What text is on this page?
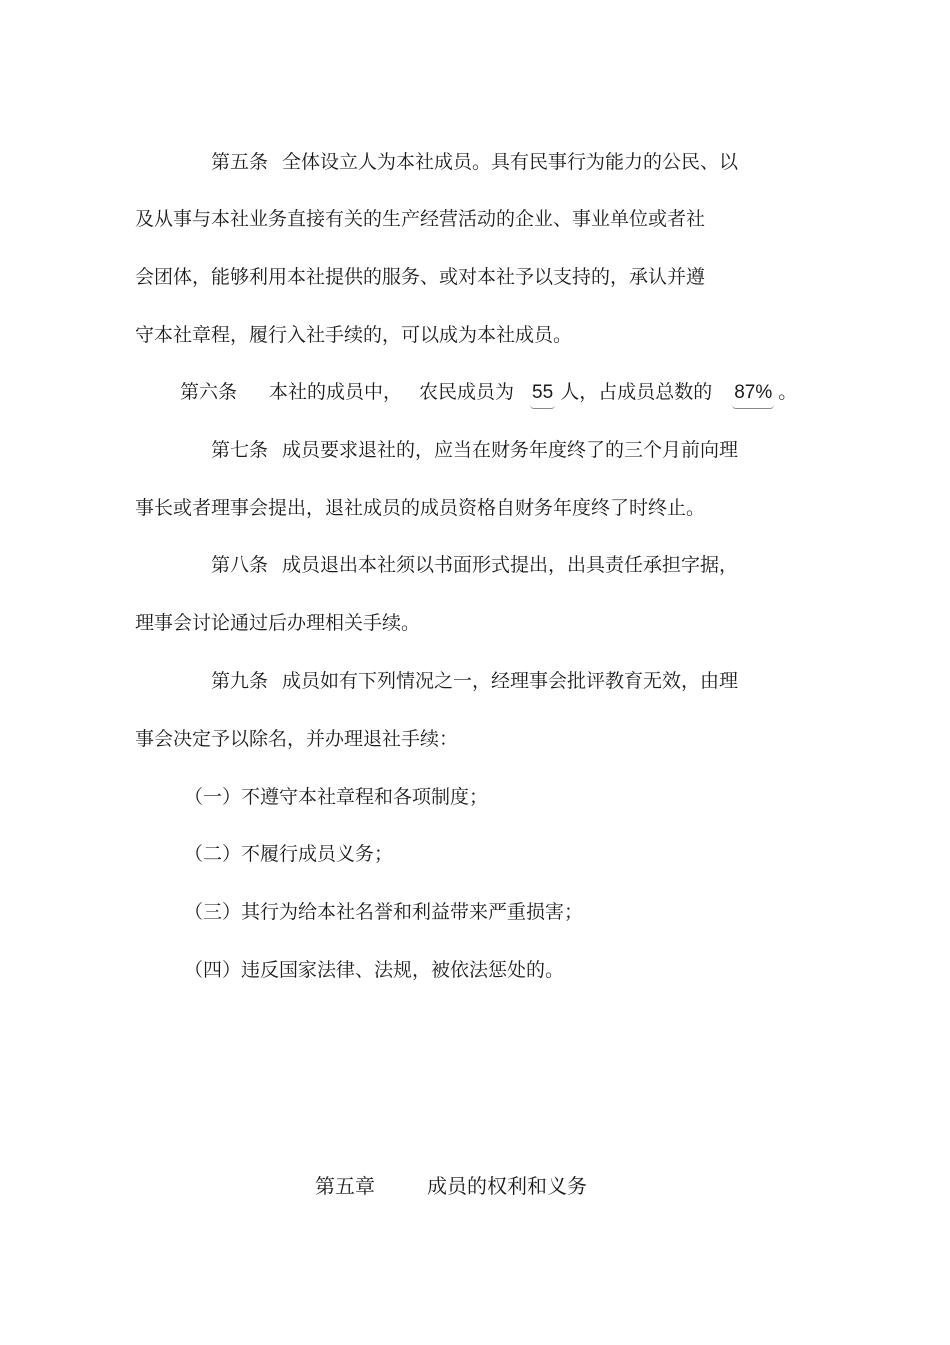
第五条 全体设立人为本社成员。具有民事行为能力的公民、以
及从事与本社业务直接有关的生产经营活动的企业、事业单位或者社
会团体，能够利用本社提供的服务、或对本社予以支持的，承认并遵
守本社章程，履行入社手续的，可以成为本社成员。
第六条 本社的成员中， 农民成员为 55 人，占成员总数的 87% 。
第七条 成员要求退社的，应当在财务年度终了的三个月前向理
事长或者理事会提出，退社成员的成员资格自财务年度终了时终止。
第八条 成员退出本社须以书面形式提出，出具责任承担字据，
理事会讨论通过后办理相关手续。
第九条 成员如有下列情况之一，经理事会批评教育无效，由理
事会决定予以除名，并办理退社手续：
（一）不遵守本社章程和各项制度；
（二）不履行成员义务；
（三）其行为给本社名誉和利益带来严重损害；
（四）违反国家法律、法规，被依法惩处的。
第五章	成员的权利和义务
